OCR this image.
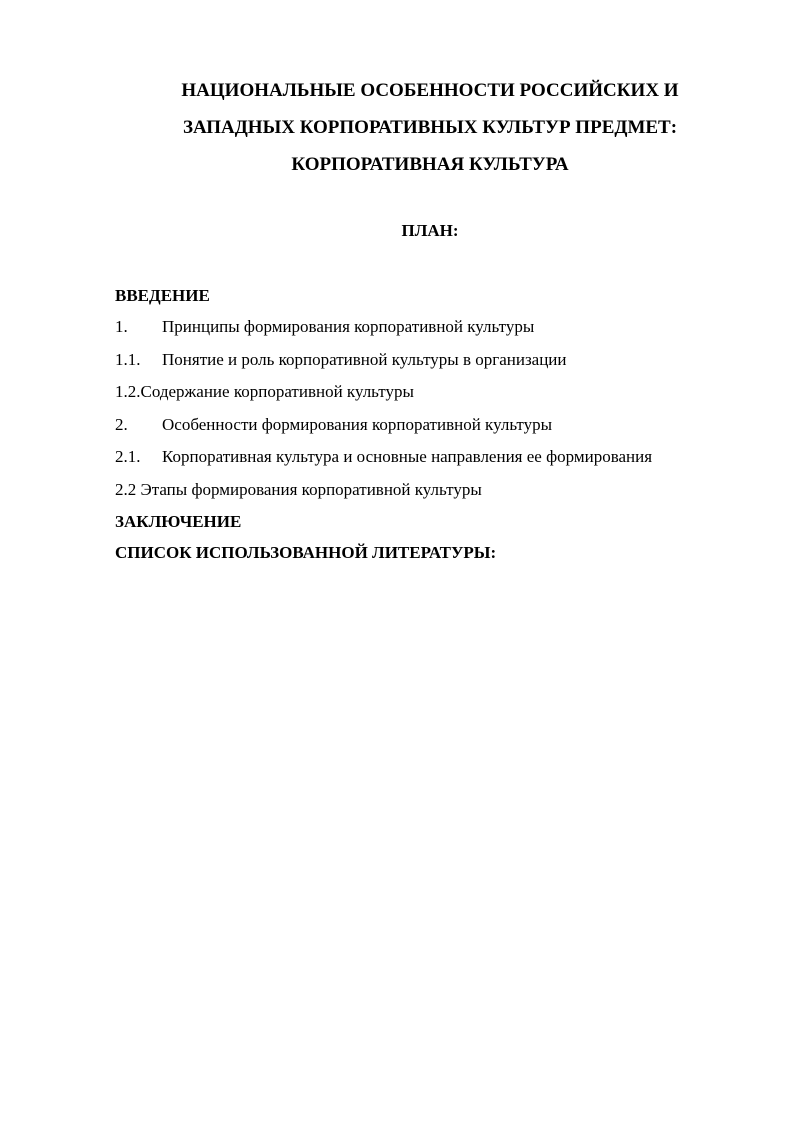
НАЦИОНАЛЬНЫЕ ОСОБЕННОСТИ РОССИЙСКИХ И
ЗАПАДНЫХ КОРПОРАТИВНЫХ КУЛЬТУР ПРЕДМЕТ:
КОРПОРАТИВНАЯ КУЛЬТУРА
ПЛАН:
ВВЕДЕНИЕ
1. Принципы формирования корпоративной культуры
1.1. Понятие и роль корпоративной культуры в организации
1.2.Содержание корпоративной культуры
2. Особенности формирования корпоративной культуры
2.1. Корпоративная культура и основные направления ее формирования
2.2 Этапы формирования корпоративной культуры
ЗАКЛЮЧЕНИЕ
СПИСОК ИСПОЛЬЗОВАННОЙ ЛИТЕРАТУРЫ:
